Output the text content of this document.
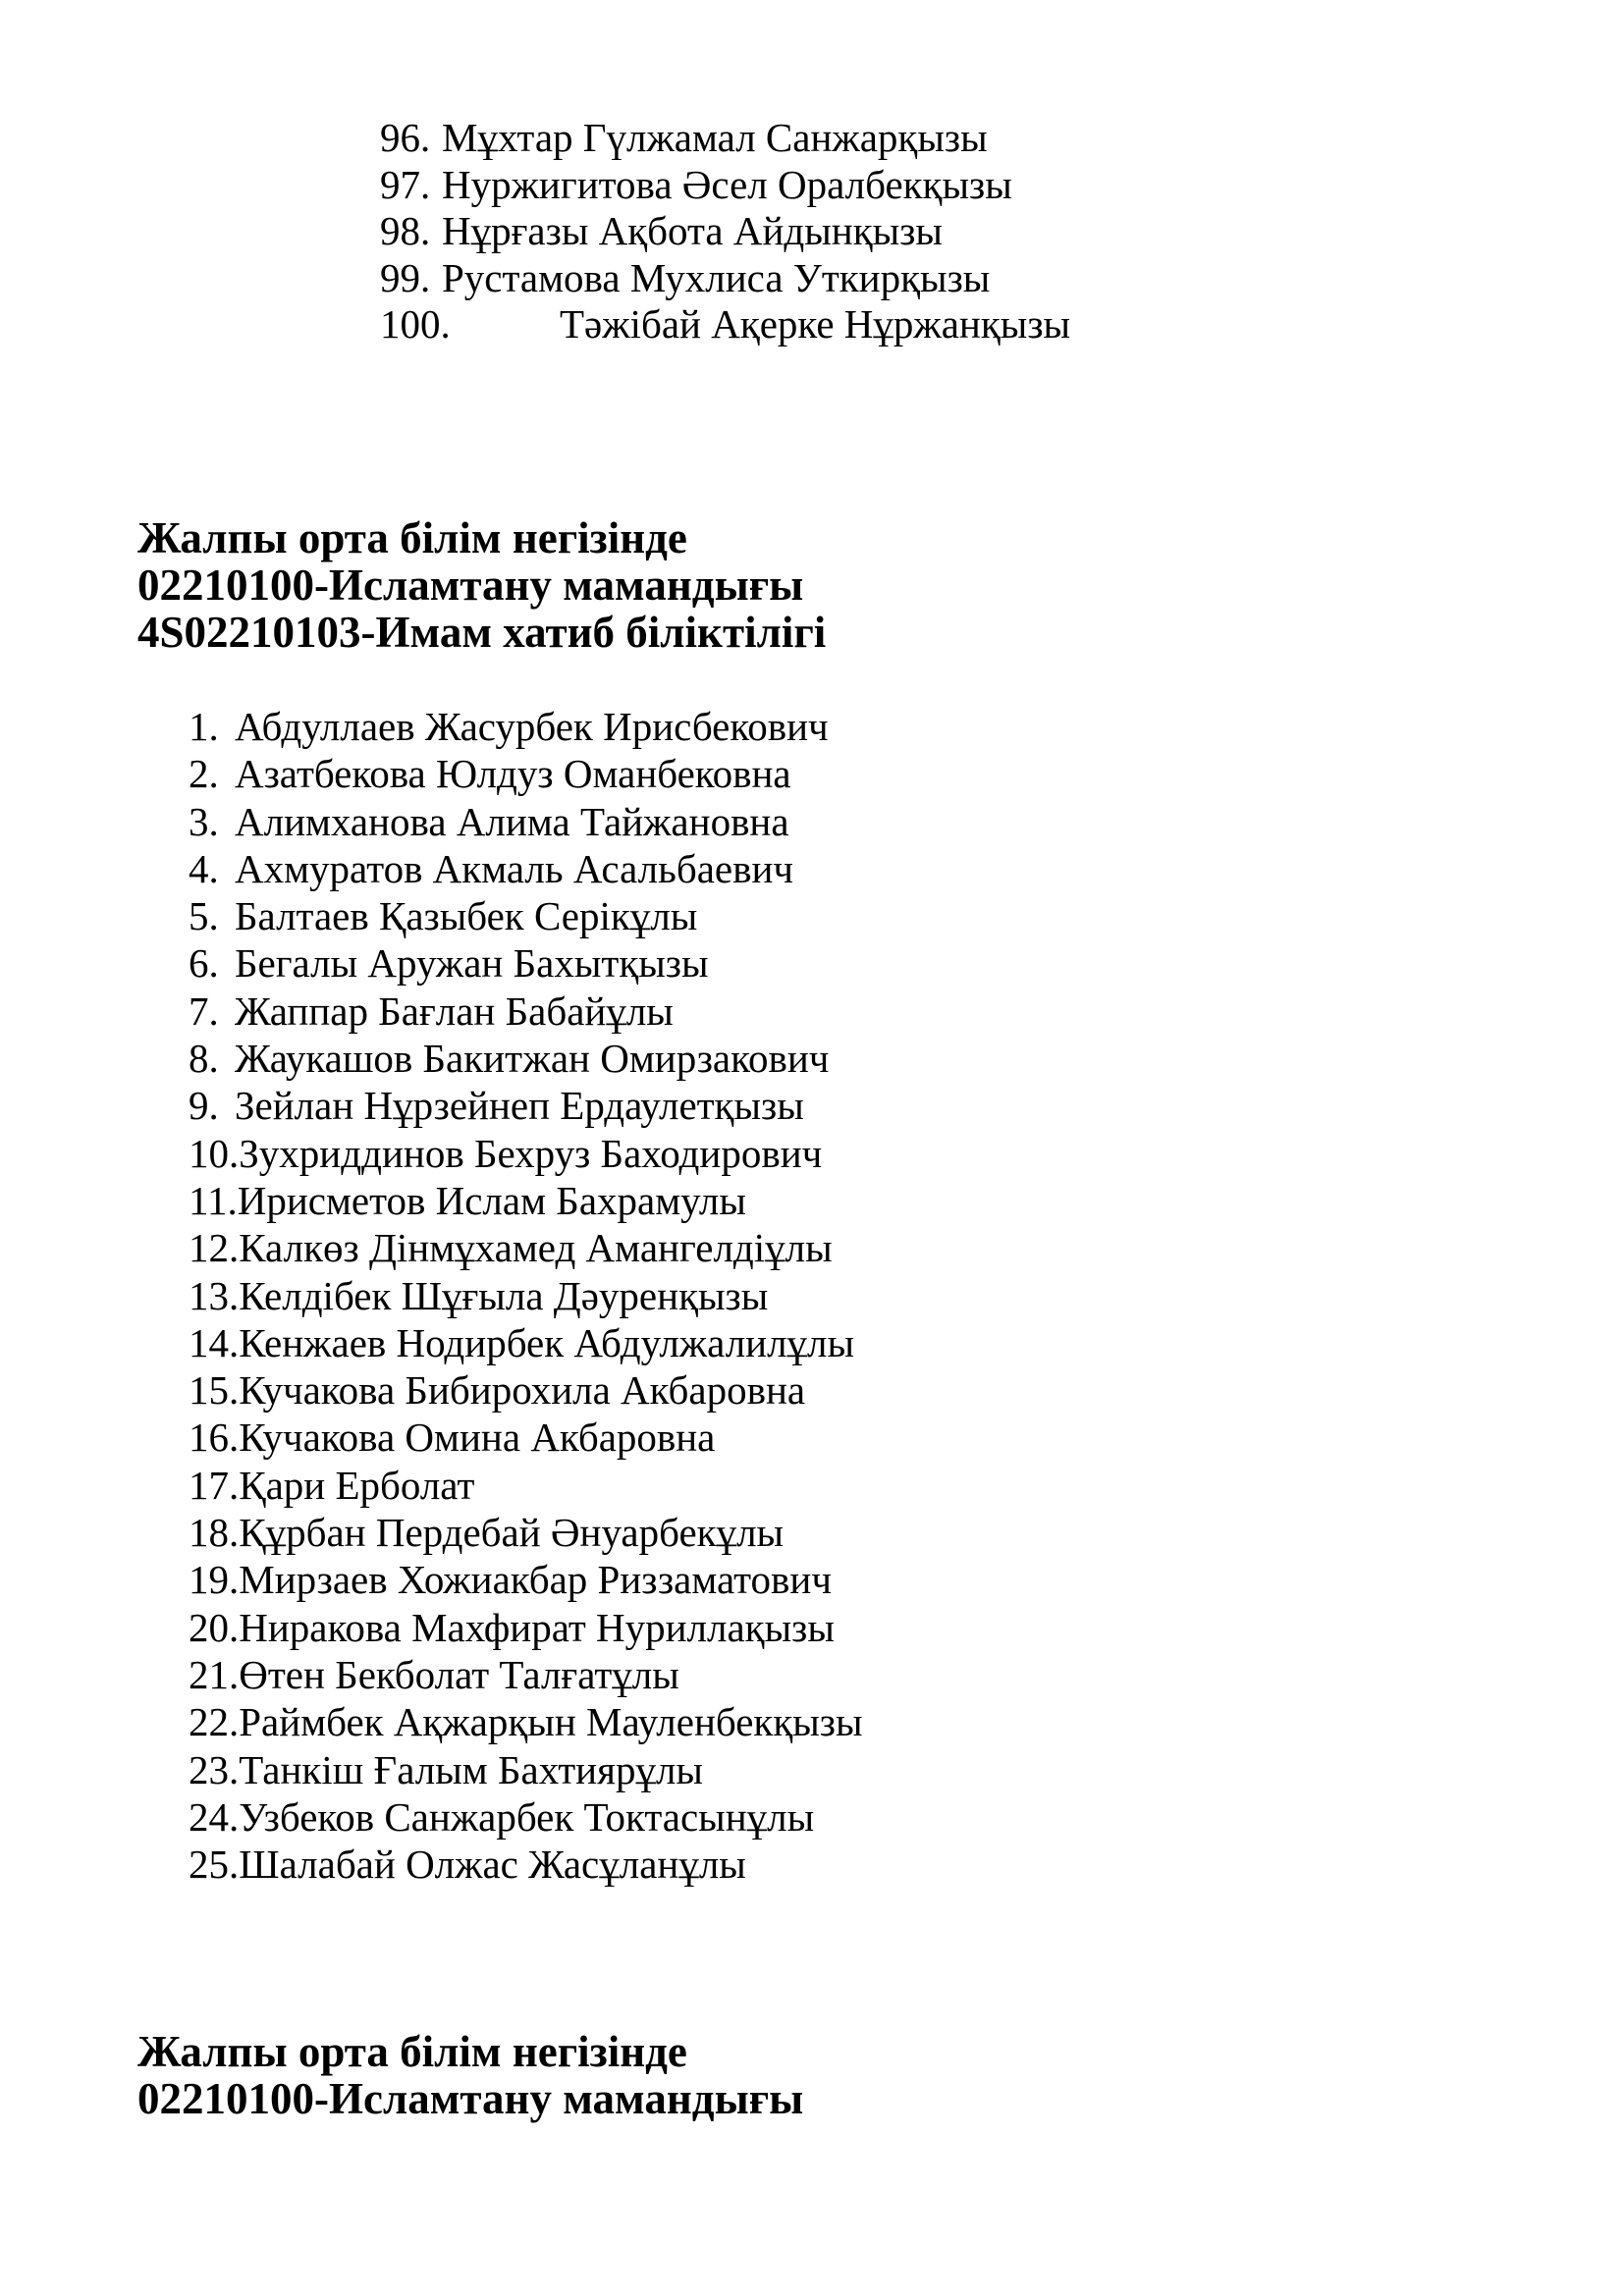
96. Мұхтар Гүлжамал Санжарқызы
97. Нуржигитова Әсел Оралбекқызы
98. Нұрғазы Ақбота Айдынқызы
99. Рустамова Мухлиса Уткирқызы
100.	Тәжібай Ақерке Нұржанқызы
Жалпы орта білім негізінде
02210100-Исламтану мамандығы
4S02210103-Имам хатиб біліктілігі
1. Абдуллаев Жасурбек Ирисбекович
2. Азатбекова Юлдуз Оманбековна
3. Алимханова Алима Тайжановна
4. Ахмуратов Акмаль Асальбаевич
5. Балтаев Қазыбек Серікұлы
6. Бегалы Аружан Бахытқызы
7. Жаппар Бағлан Бабайұлы
8. Жаукашов Бакитжан Омирзакович
9. Зейлан Нұрзейнеп Ердаулетқызы
10.Зухриддинов Бехруз Баходирович
11.Ирисметов Ислам Бахрамулы
12.Калкөз Дінмұхамед Амангелдіұлы
13.Келдібек Шұғыла Дәуренқызы
14.Кенжаев Нодирбек Абдулжалилұлы
15.Кучакова Бибирохила Акбаровна
16.Кучакова Омина Акбаровна
17.Қари Ерболат
18.Құрбан Пердебай Әнуарбекұлы
19.Мирзаев Хожиакбар Риззаматович
20.Ниракова Махфират Нуриллақызы
21.Өтен Бекболат Талғатұлы
22.Раймбек Ақжарқын Мауленбекқызы
23.Танкіш Ғалым Бахтиярұлы
24.Узбеков Санжарбек Токтасынұлы
25.Шалабай Олжас Жасұланұлы
Жалпы орта білім негізінде
02210100-Исламтану мамандығы
